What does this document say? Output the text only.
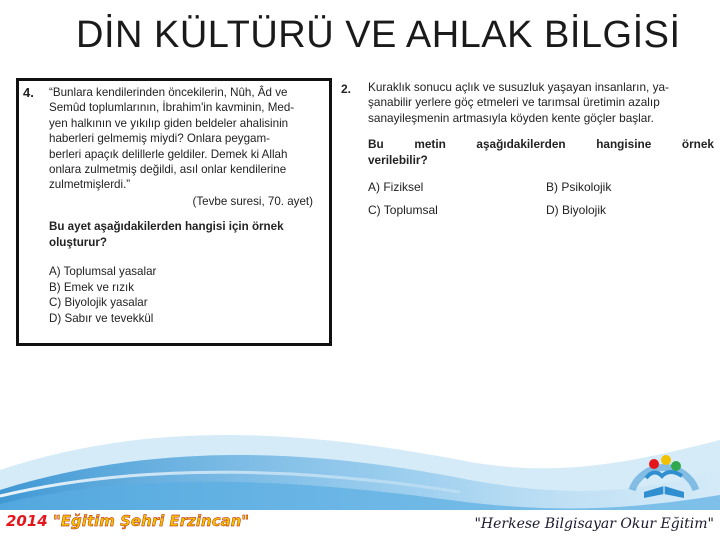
DİN KÜLTÜRÜ VE AHLAK BİLGİSİ
4. “Bunlara kendilerinden öncekilerin, Nûh, Âd ve

Semûd toplumlarının, İbrahim'in kavminin, Med-

yen halkının ve yıkılıp giden beldeler ahalisinin

haberleri gelmemiş miydi? Onlara peygam-

berleri apaçık delillerle geldiler. Demek ki Allah

onlara zulmetmiş değildi, asıl onlar kendilerine

zulmetmişlerdi.”

(Tevbe suresi, 70. ayet)

Bu ayet aşağıdakilerden hangisi için örnek

oluşturur?

A) Toplumsal yasalar
B) Emek ve rızık
C) Biyolojik yasalar
D) Sabır ve tevekkül
2. Kuraklık sonucu açlık ve susuzluk yaşayan insanların, ya-

şanabilir yerlere göç etmeleri ve tarımsal üretimin azalıp

sanayileşmenin artmasıyla köyden kente göçler başlar.

Bu metin aşağıdakilerden hangisine örnek

verilebilir?

A) Fiziksel	B) Psikolojik
C) Toplumsal	D) Biyolojik
2014 "Eğitim Şehri Erzincan"	"Herkese Bilgisayar Okur Eğitim"
